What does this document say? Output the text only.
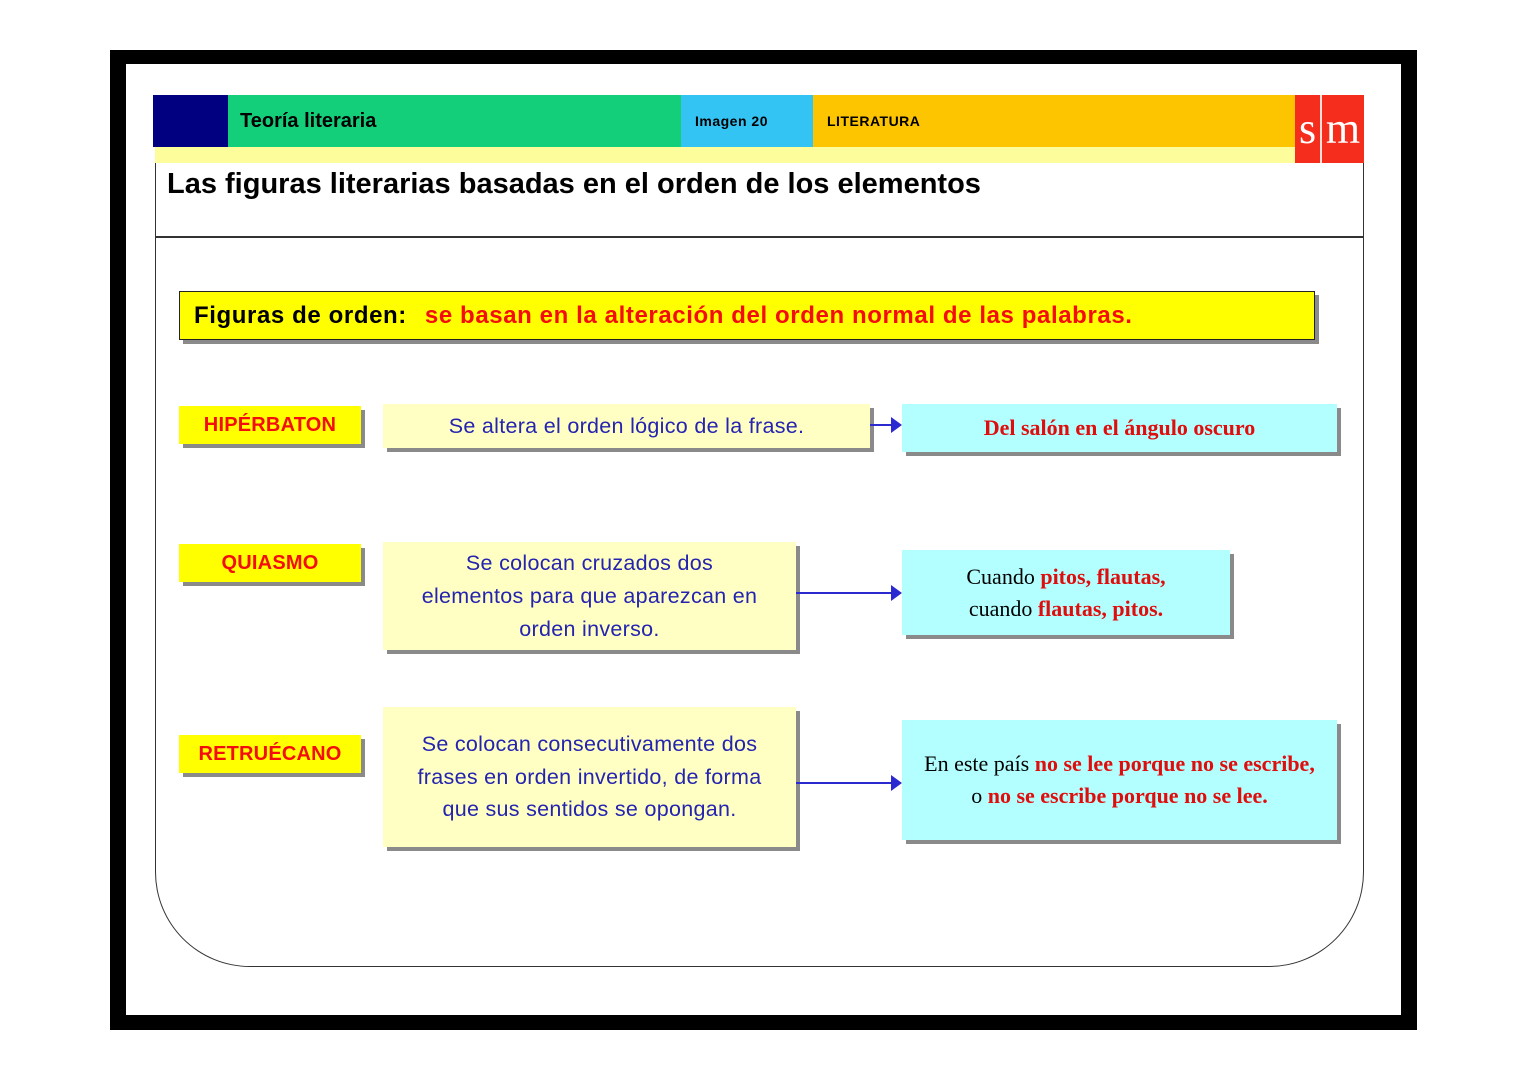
Teoría literaria	Imagen 20	LITERATURA	s m
Las figuras literarias basadas en el orden de los elementos
Figuras de orden: se basan en la alteración del orden normal de las palabras.
HIPÉRBATON	Se altera el orden lógico de la frase.	Del salón en el ángulo oscuro
QUIASMO	Se colocan cruzados dos elementos para que aparezcan en orden inverso.
Cuando pitos, flautas,
cuando flautas, pitos.
RETRUÉCANO	Se colocan consecutivamente dos frases en orden invertido, de forma que sus sentidos se opongan.
En este país no se lee porque no se escribe, o no se escribe porque no se lee.
